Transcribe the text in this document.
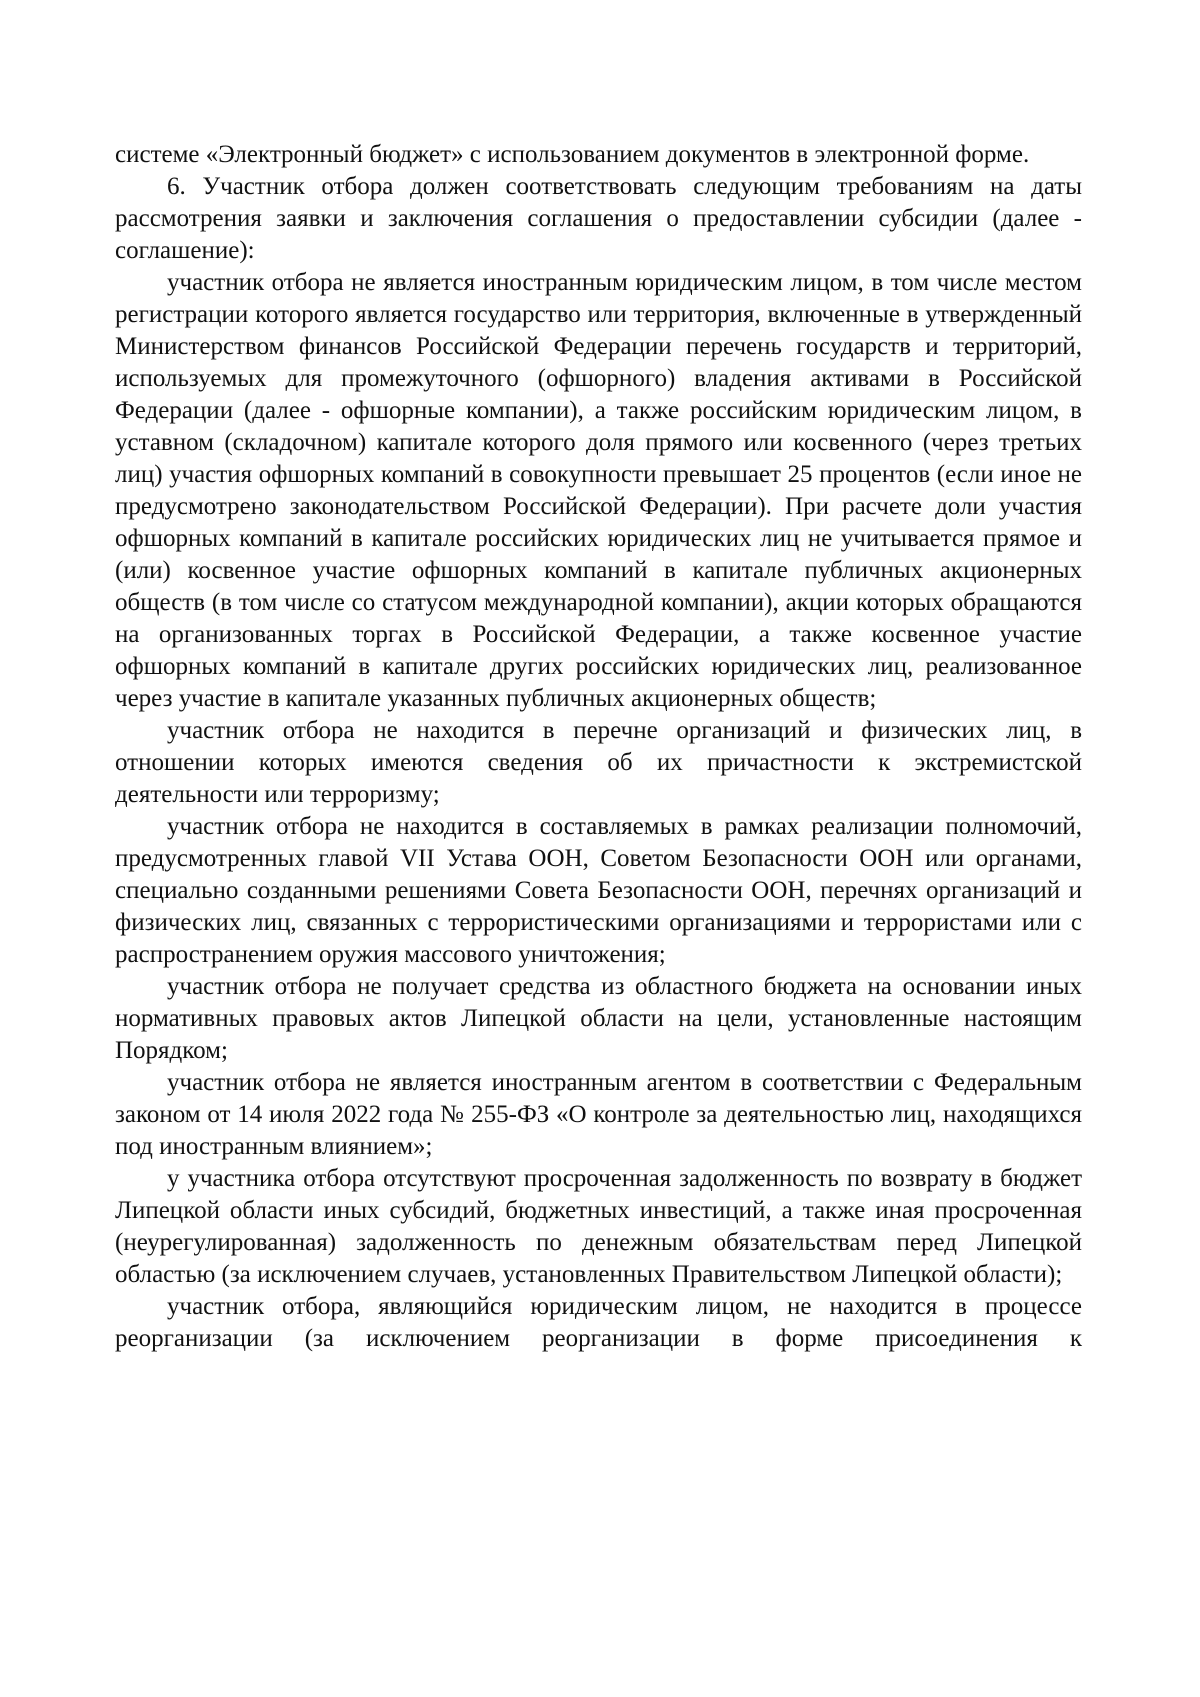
системе «Электронный бюджет» с использованием документов в электронной форме.

6. Участник отбора должен соответствовать следующим требованиям на даты рассмотрения заявки и заключения соглашения о предоставлении субсидии (далее - соглашение):

участник отбора не является иностранным юридическим лицом, в том числе местом регистрации которого является государство или территория, включенные в утвержденный Министерством финансов Российской Федерации перечень государств и территорий, используемых для промежуточного (офшорного) владения активами в Российской Федерации (далее - офшорные компании), а также российским юридическим лицом, в уставном (складочном) капитале которого доля прямого или косвенного (через третьих лиц) участия офшорных компаний в совокупности превышает 25 процентов (если иное не предусмотрено законодательством Российской Федерации). При расчете доли участия офшорных компаний в капитале российских юридических лиц не учитывается прямое и (или) косвенное участие офшорных компаний в капитале публичных акционерных обществ (в том числе со статусом международной компании), акции которых обращаются на организованных торгах в Российской Федерации, а также косвенное участие офшорных компаний в капитале других российских юридических лиц, реализованное через участие в капитале указанных публичных акционерных обществ;

участник отбора не находится в перечне организаций и физических лиц, в отношении которых имеются сведения об их причастности к экстремистской деятельности или терроризму;

участник отбора не находится в составляемых в рамках реализации полномочий, предусмотренных главой VII Устава ООН, Советом Безопасности ООН или органами, специально созданными решениями Совета Безопасности ООН, перечнях организаций и физических лиц, связанных с террористическими организациями и террористами или с распространением оружия массового уничтожения;

участник отбора не получает средства из областного бюджета на основании иных нормативных правовых актов Липецкой области на цели, установленные настоящим Порядком;

участник отбора не является иностранным агентом в соответствии с Федеральным законом от 14 июля 2022 года № 255-ФЗ «О контроле за деятельностью лиц, находящихся под иностранным влиянием»;

у участника отбора отсутствуют просроченная задолженность по возврату в бюджет Липецкой области иных субсидий, бюджетных инвестиций, а также иная просроченная (неурегулированная) задолженность по денежным обязательствам перед Липецкой областью (за исключением случаев, установленных Правительством Липецкой области);

участник отбора, являющийся юридическим лицом, не находится в процессе реорганизации (за исключением реорганизации в форме присоединения к
